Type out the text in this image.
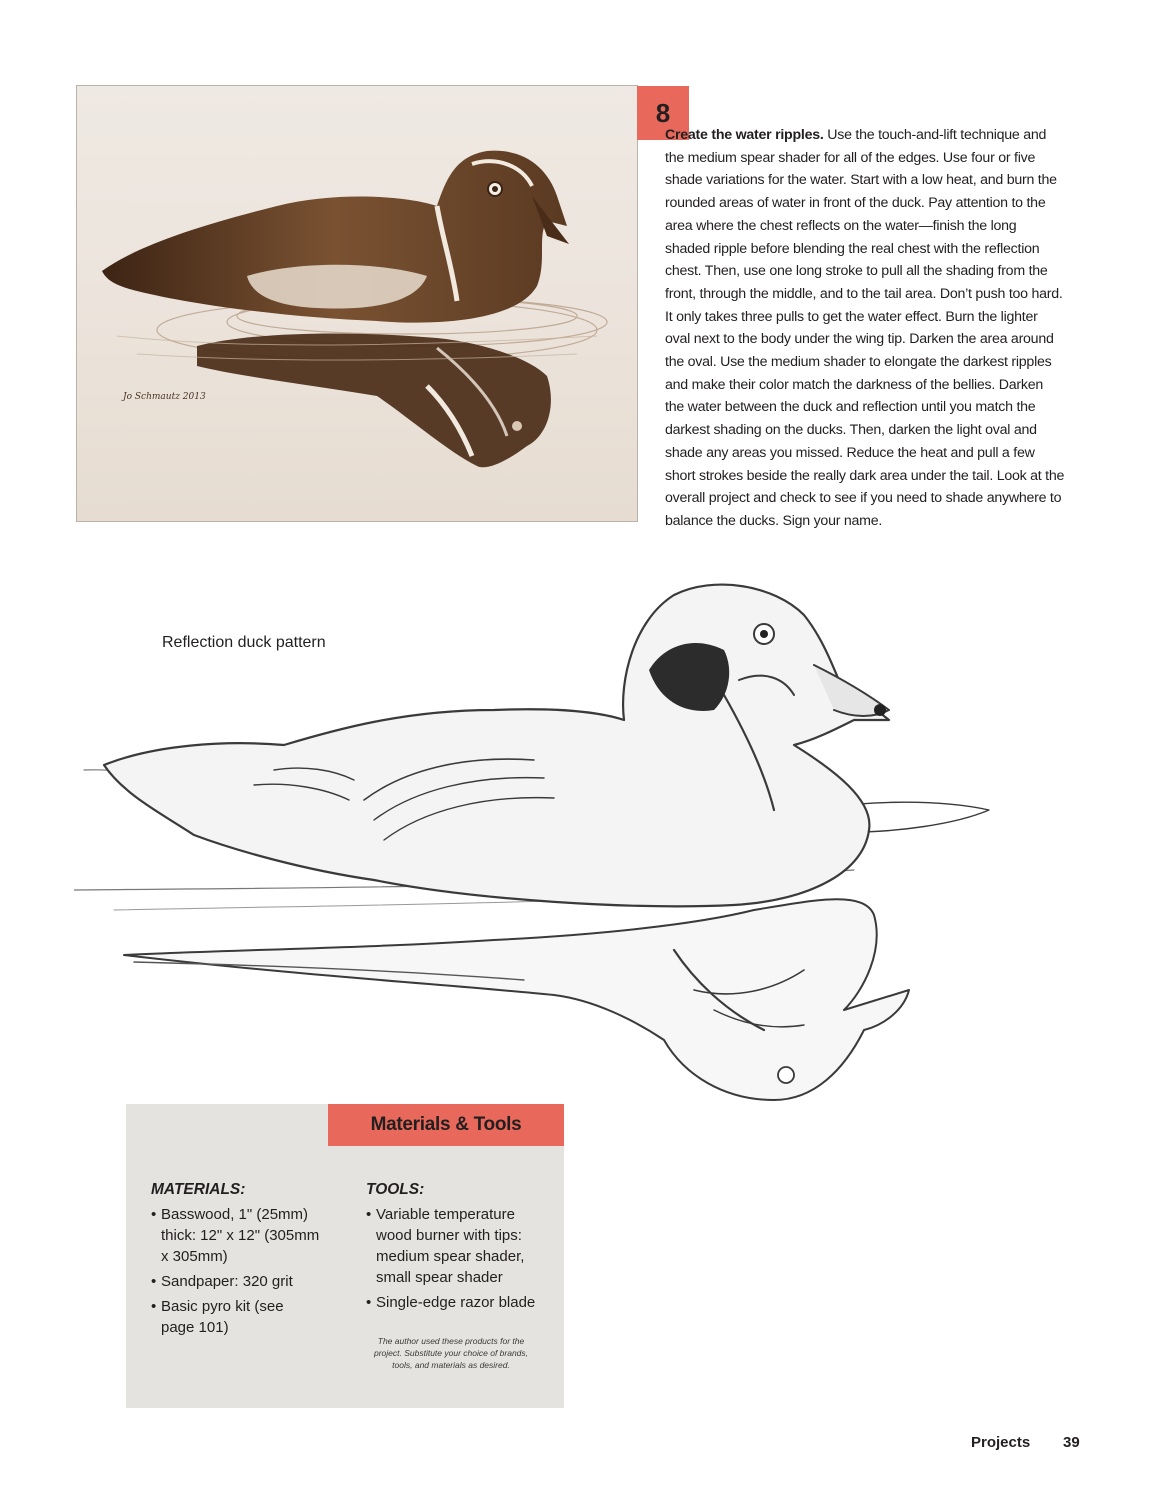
Jo Schmautz 2013
8

Create the water ripples. Use the touch-and-lift technique and the medium spear shader for all of the edges. Use four or five shade variations for the water. Start with a low heat, and burn the rounded areas of water in front of the duck. Pay attention to the area where the chest reflects on the water—finish the long shaded ripple before blending the real chest with the reflection chest. Then, use one long stroke to pull all the shading from the front, through the middle, and to the tail area. Don’t push too hard. It only takes three pulls to get the water effect. Burn the lighter oval next to the body under the wing tip. Darken the area around the oval. Use the medium shader to elongate the darkest ripples and make their color match the darkness of the bellies. Darken the water between the duck and reflection until you match the darkest shading on the ducks. Then, darken the light oval and shade any areas you missed. Reduce the heat and pull a few short strokes beside the really dark area under the tail. Look at the overall project and check to see if you need to shade anywhere to balance the ducks. Sign your name.

Reflection duck pattern
Materials & Tools
MATERIALS:
• Basswood, 1" (25mm) thick: 12" x 12" (305mm x 305mm)
• Sandpaper: 320 grit
• Basic pyro kit (see page 101)
TOOLS:
• Variable temperature wood burner with tips: medium spear shader, small spear shader
• Single-edge razor blade
The author used these products for the project. Substitute your choice of brands, tools, and materials as desired.
Projects 39
